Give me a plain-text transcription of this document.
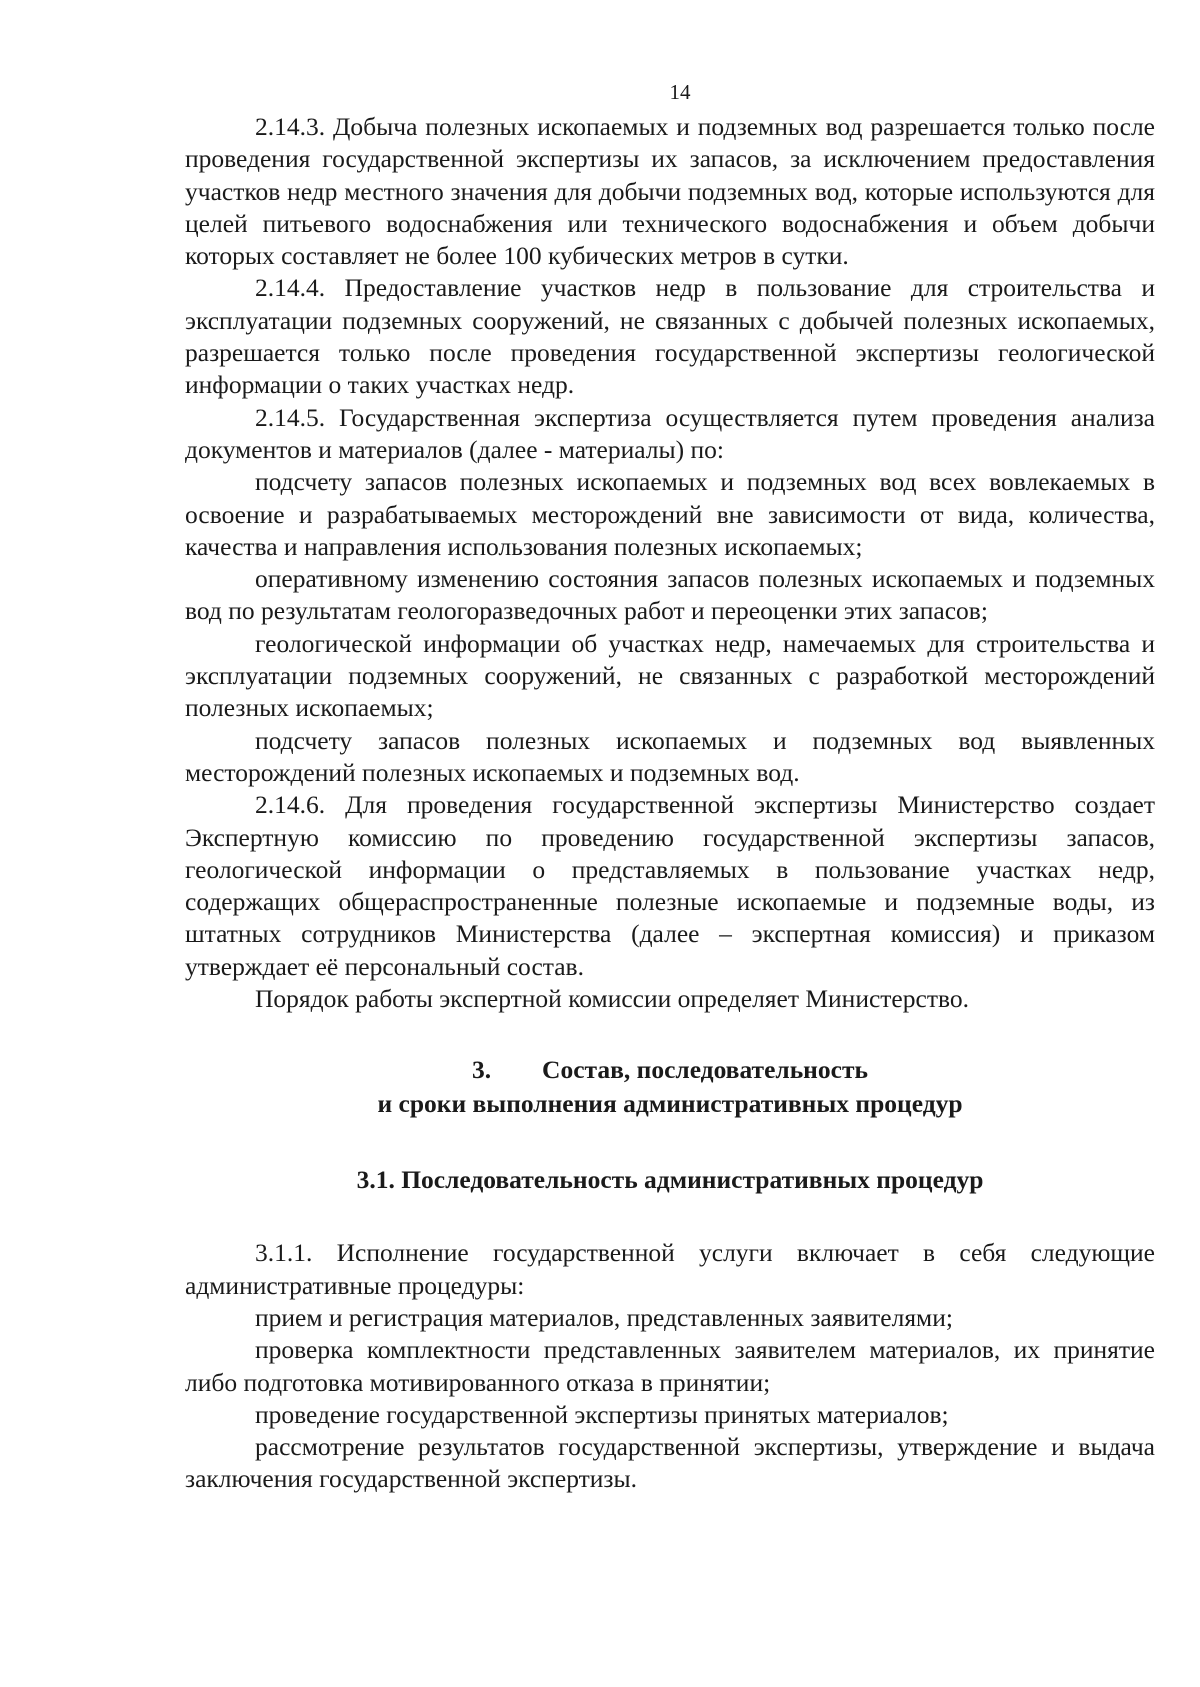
14

2.14.3. Добыча полезных ископаемых и подземных вод разрешается только после проведения государственной экспертизы их запасов, за исключением предоставления участков недр местного значения для добычи подземных вод, которые используются для целей питьевого водоснабжения или технического водоснабжения и объем добычи которых составляет не более 100 кубических метров в сутки.

2.14.4. Предоставление участков недр в пользование для строительства и эксплуатации подземных сооружений, не связанных с добычей полезных ископаемых, разрешается только после проведения государственной экспертизы геологической информации о таких участках недр.

2.14.5. Государственная экспертиза осуществляется путем проведения анализа документов и материалов (далее - материалы) по:

подсчету запасов полезных ископаемых и подземных вод всех вовлекаемых в освоение и разрабатываемых месторождений вне зависимости от вида, количества, качества и направления использования полезных ископаемых;

оперативному изменению состояния запасов полезных ископаемых и подземных вод по результатам геологоразведочных работ и переоценки этих запасов;

геологической информации об участках недр, намечаемых для строительства и эксплуатации подземных сооружений, не связанных с разработкой месторождений полезных ископаемых;

подсчету запасов полезных ископаемых и подземных вод выявленных месторождений полезных ископаемых и подземных вод.

2.14.6. Для проведения государственной экспертизы Министерство создает Экспертную комиссию по проведению государственной экспертизы запасов, геологической информации о представляемых в пользование участках недр, содержащих общераспространенные полезные ископаемые и подземные воды, из штатных сотрудников Министерства (далее – экспертная комиссия) и приказом утверждает её персональный состав.

Порядок работы экспертной комиссии определяет Министерство.

3. Состав, последовательность
и сроки выполнения административных процедур
3.1. Последовательность административных процедур

3.1.1. Исполнение государственной услуги включает в себя следующие административные процедуры:

прием и регистрация материалов, представленных заявителями;

проверка комплектности представленных заявителем материалов, их принятие либо подготовка мотивированного отказа в принятии;

проведение государственной экспертизы принятых материалов;

рассмотрение результатов государственной экспертизы, утверждение и выдача заключения государственной экспертизы.
